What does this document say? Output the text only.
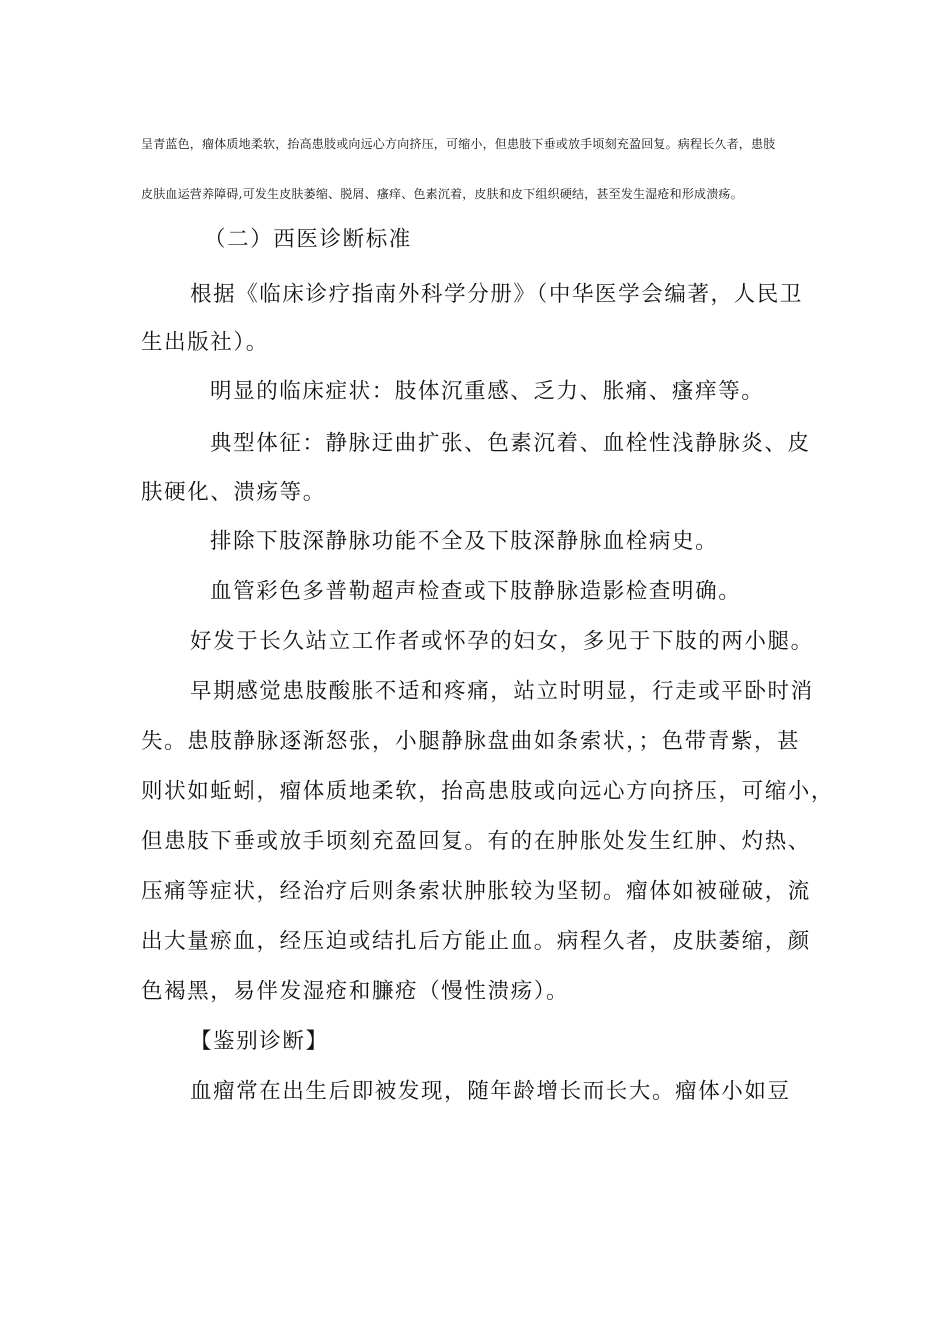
呈青蓝色，瘤体质地柔软，抬高患肢或向远心方向挤压，可缩小，但患肢下垂或放手顷刻充盈回复。病程长久者，患肢
皮肤血运营养障碍,可发生皮肤萎缩、脱屑、瘙痒、色素沉着，皮肤和皮下组织硬结，甚至发生湿疮和形成溃疡。
（二）西医诊断标准
根据《临床诊疗指南外科学分册》（中华医学会编著，人民卫
生出版社）。
明显的临床症状：肢体沉重感、乏力、胀痛、瘙痒等。
典型体征：静脉迂曲扩张、色素沉着、血栓性浅静脉炎、皮
肤硬化、溃疡等。
排除下肢深静脉功能不全及下肢深静脉血栓病史。
血管彩色多普勒超声检查或下肢静脉造影检查明确。
好发于长久站立工作者或怀孕的妇女，多见于下肢的两小腿。
早期感觉患肢酸胀不适和疼痛，站立时明显，行走或平卧时消
失。患肢静脉逐渐怒张，小腿静脉盘曲如条索状，；色带青紫，甚
则状如蚯蚓，瘤体质地柔软，抬高患肢或向远心方向挤压，可缩小，
但患肢下垂或放手顷刻充盈回复。有的在肿胀处发生红肿、灼热、
压痛等症状，经治疗后则条索状肿胀较为坚韧。瘤体如被碰破，流
出大量瘀血，经压迫或结扎后方能止血。病程久者，皮肤萎缩，颜
色褐黑，易伴发湿疮和臁疮（慢性溃疡）。
【鉴别诊断】
血瘤常在出生后即被发现，随年龄增长而长大。瘤体小如豆
